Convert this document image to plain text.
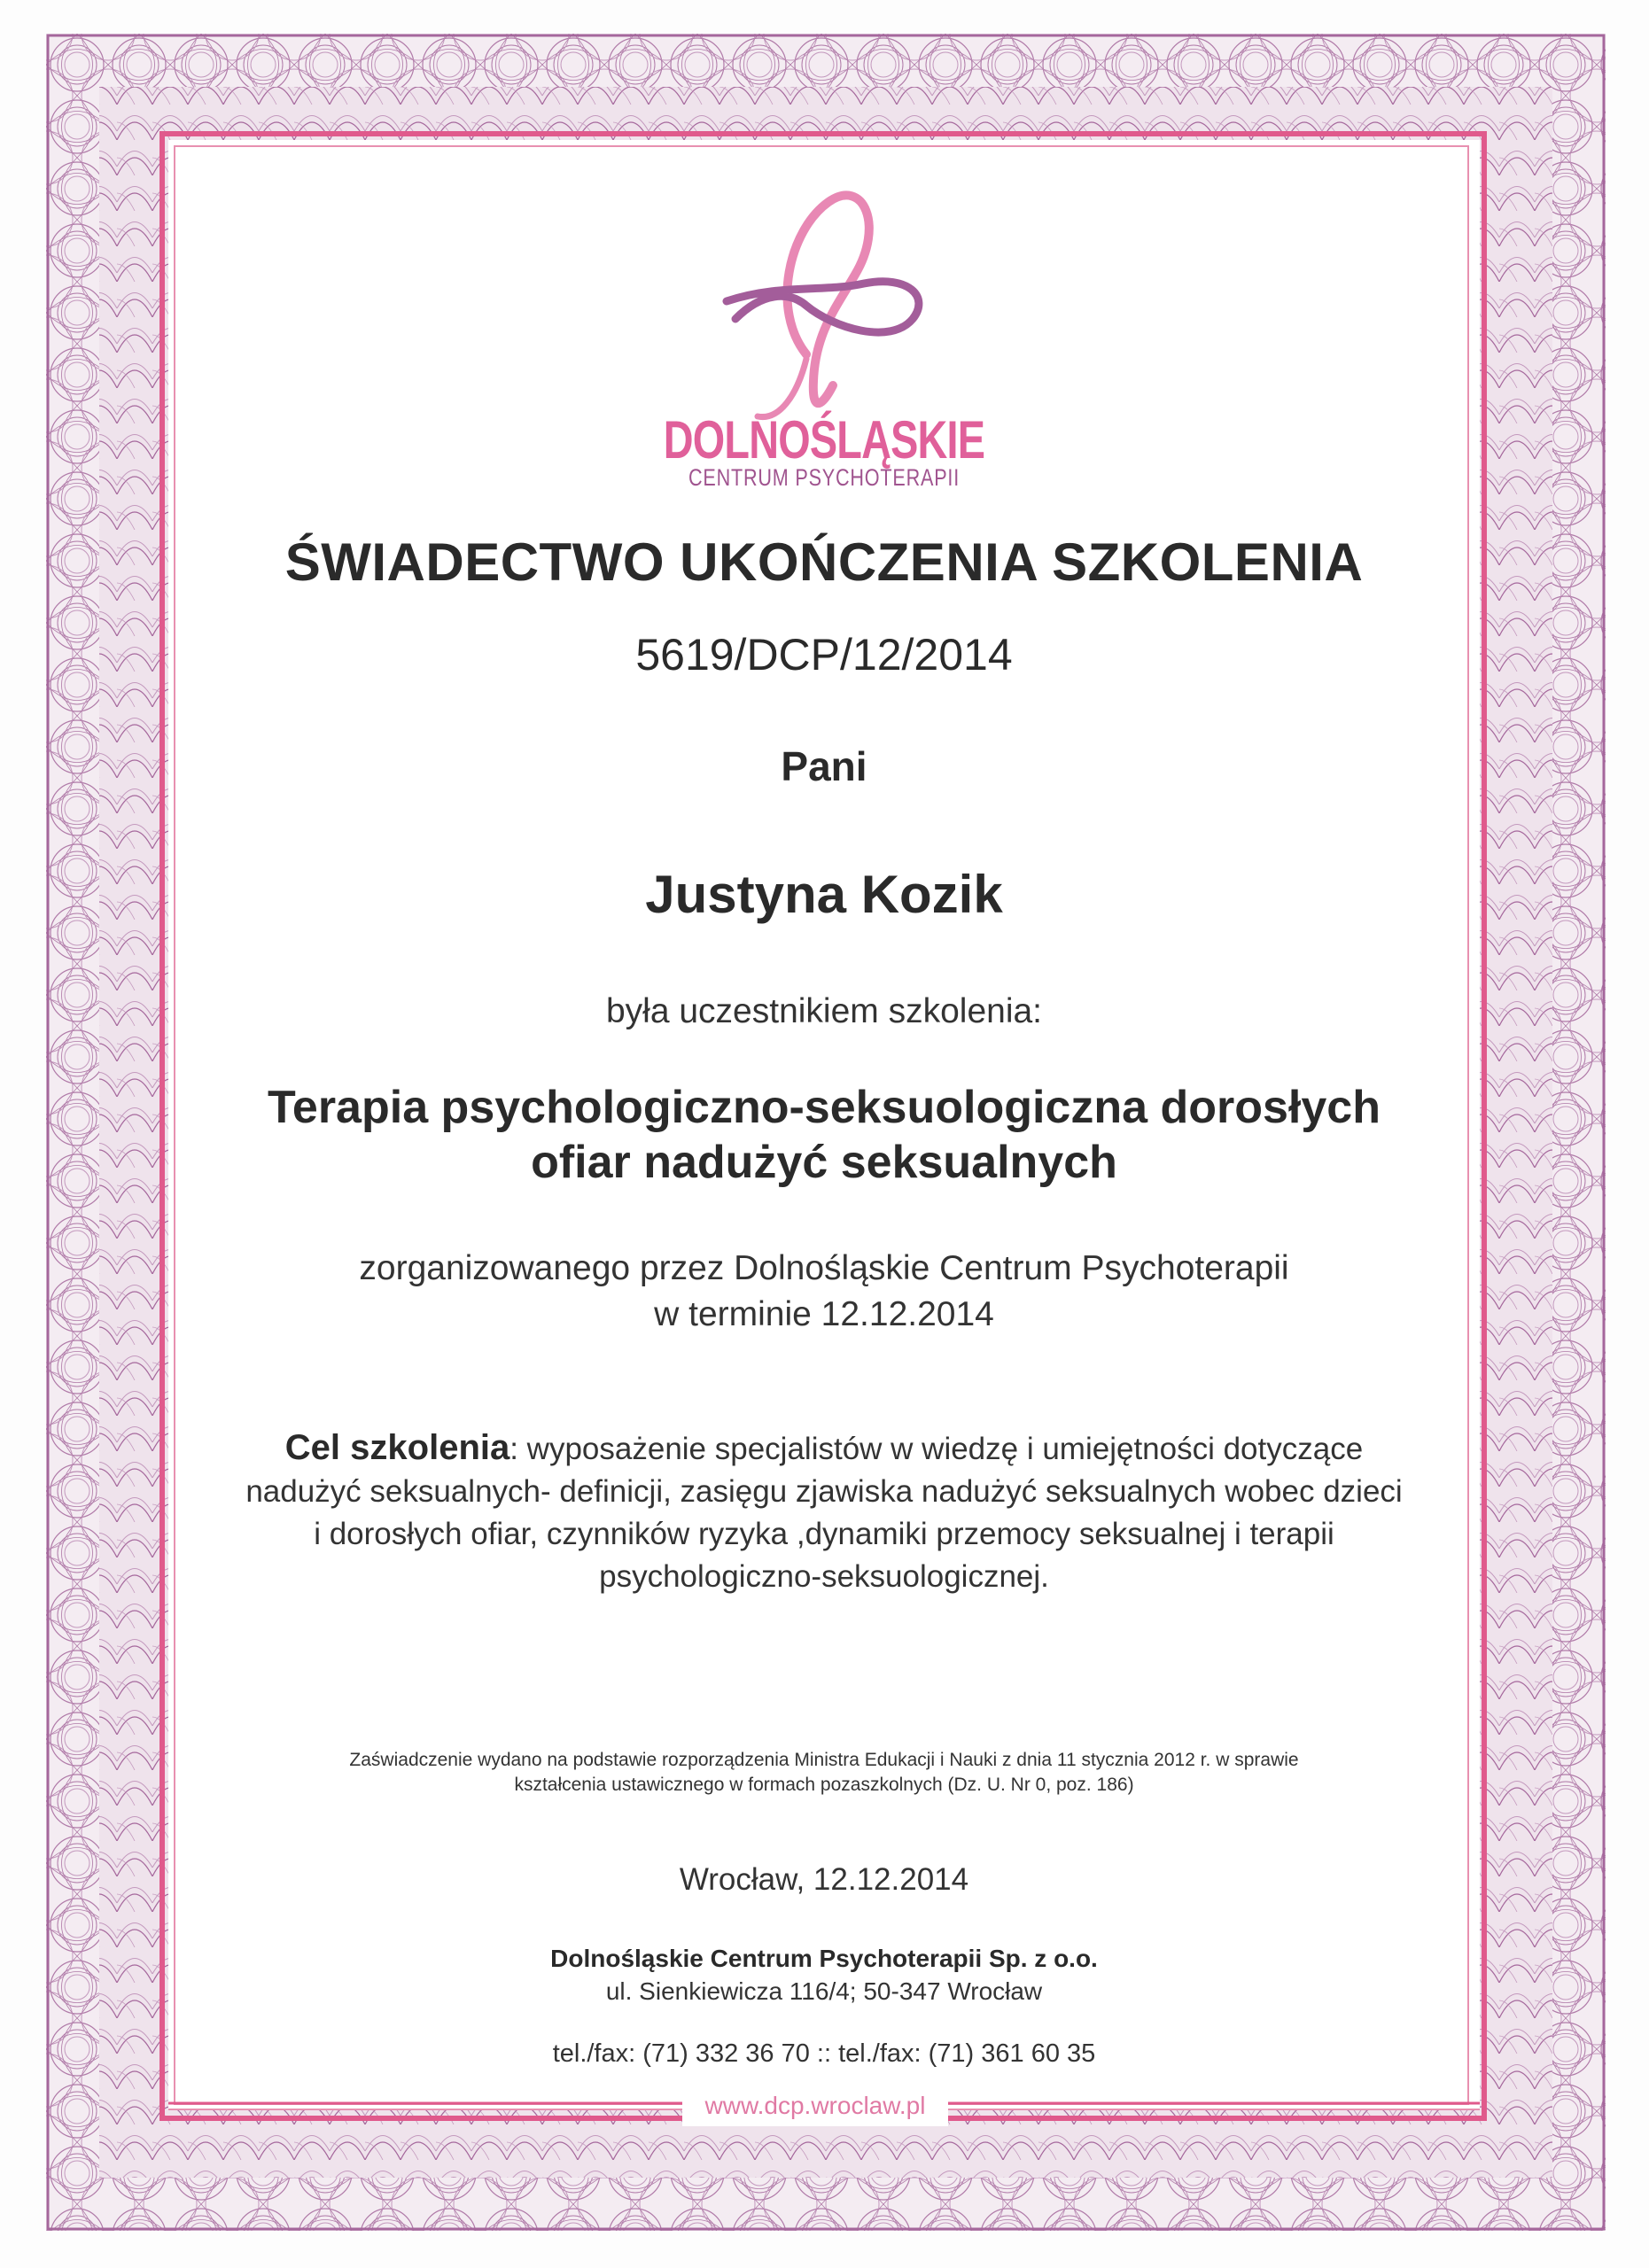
DOLNOŚLĄSKIE

CENTRUM PSYCHOTERAPII

ŚWIADECTWO UKOŃCZENIA SZKOLENIA

5619/DCP/12/2014

Pani

Justyna Kozik

była uczestnikiem szkolenia:

Terapia psychologiczno-seksuologiczna dorosłych

ofiar nadużyć seksualnych

zorganizowanego przez Dolnośląskie Centrum Psychoterapii

w terminie 12.12.2014

Cel szkolenia: wyposażenie specjalistów w wiedzę i umiejętności dotyczące
nadużyć seksualnych- definicji, zasięgu zjawiska nadużyć seksualnych wobec dzieci
i dorosłych ofiar, czynników ryzyka ,dynamiki przemocy seksualnej i terapii
psychologiczno-seksuologicznej.

Zaświadczenie wydano na podstawie rozporządzenia Ministra Edukacji i Nauki z dnia 11 stycznia 2012 r. w sprawie

kształcenia ustawicznego w formach pozaszkolnych (Dz. U. Nr 0, poz. 186)

Wrocław, 12.12.2014

Dolnośląskie Centrum Psychoterapii Sp. z o.o.

ul. Sienkiewicza 116/4; 50-347 Wrocław

tel./fax: (71) 332 36 70 :: tel./fax: (71) 361 60 35

www.dcp.wroclaw.pl
